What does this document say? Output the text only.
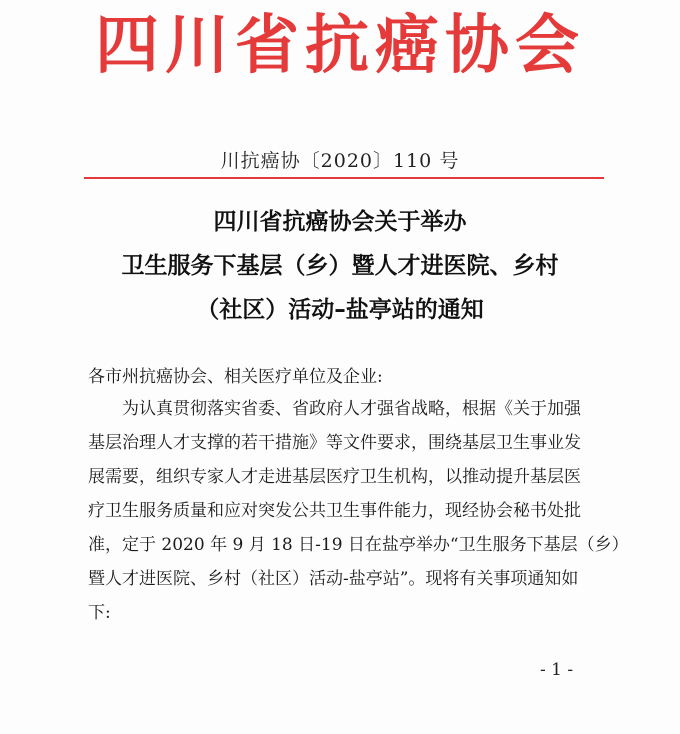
四川省抗癌协会
川抗癌协〔2020〕110 号
四川省抗癌协会关于举办
卫生服务下基层（乡）暨人才进医院、乡村
（社区）活动–盐亭站的通知
各市州抗癌协会、相关医疗单位及企业:
为认真贯彻落实省委、省政府人才强省战略，根据《关于加强
基层治理人才支撑的若干措施》等文件要求，围绕基层卫生事业发
展需要，组织专家人才走进基层医疗卫生机构，以推动提升基层医
疗卫生服务质量和应对突发公共卫生事件能力，现经协会秘书处批
准，定于 2020 年 9 月 18 日-19 日在盐亭举办“卫生服务下基层（乡）
暨人才进医院、乡村（社区）活动-盐亭站”。现将有关事项通知如
下:
- 1 -
